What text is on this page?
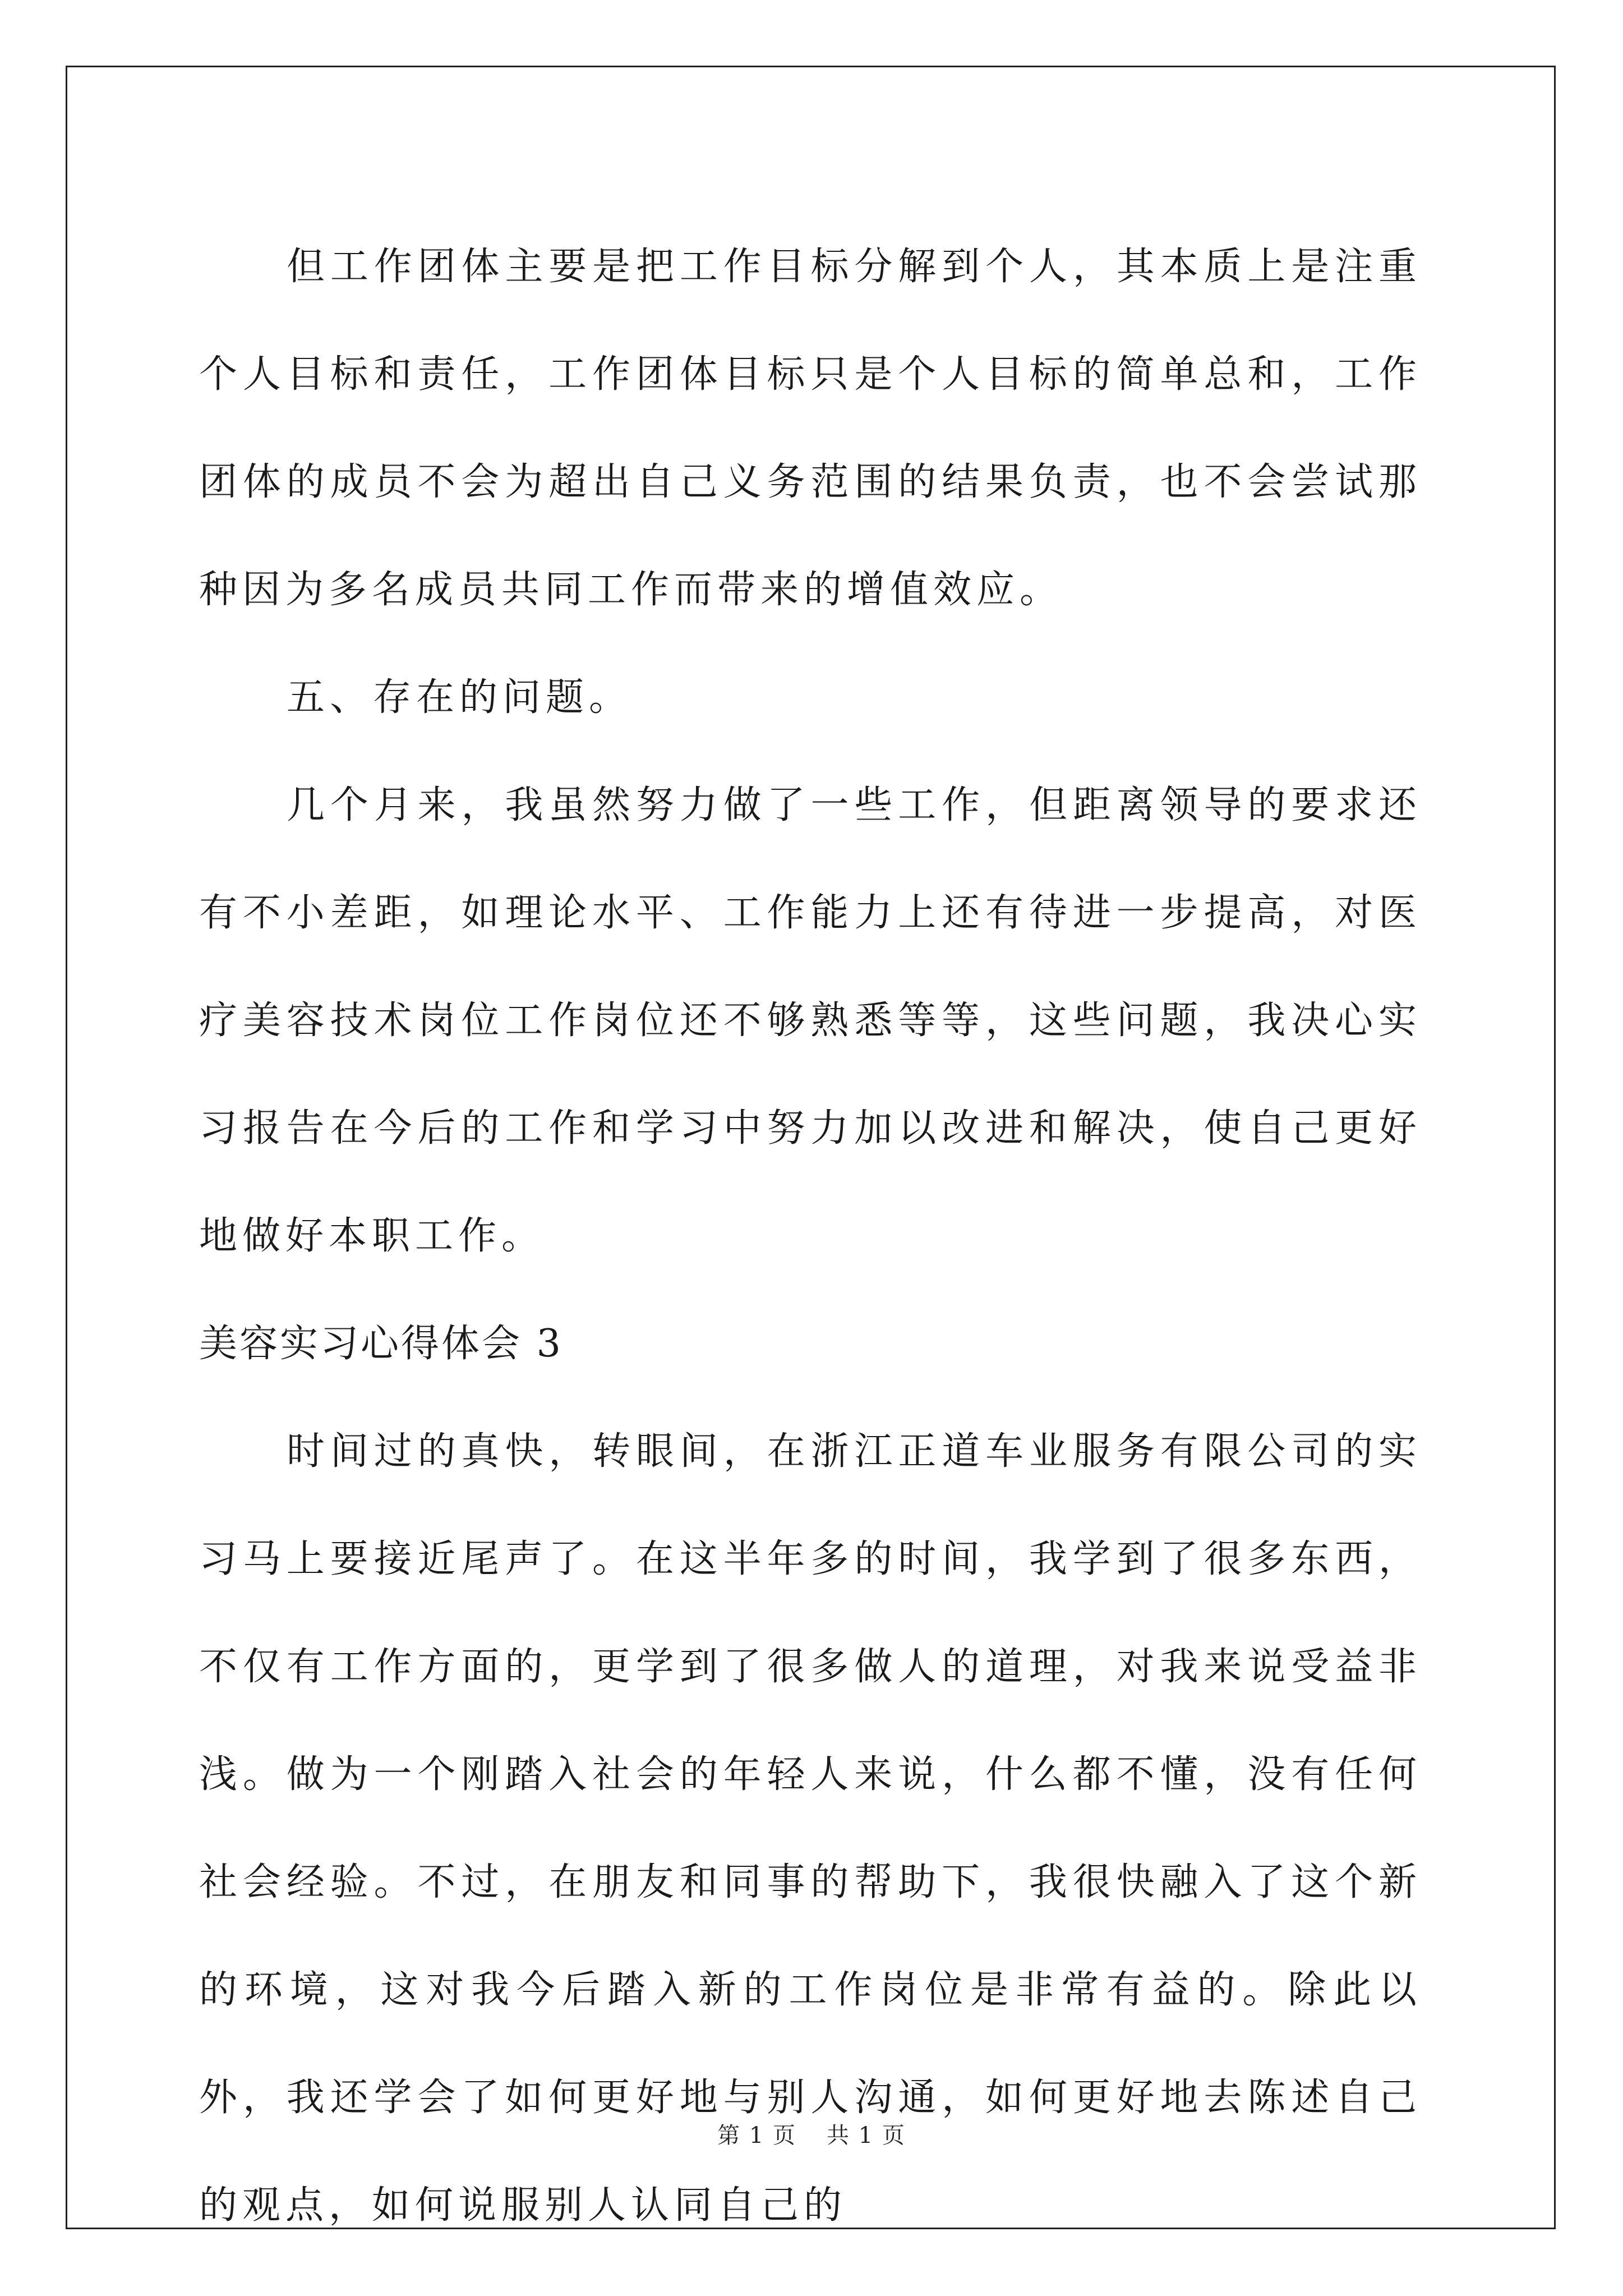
但工作团体主要是把工作目标分解到个人，其本质上是注重个人目标和责任，工作团体目标只是个人目标的简单总和，工作团体的成员不会为超出自己义务范围的结果负责，也不会尝试那种因为多名成员共同工作而带来的增值效应。

五、存在的问题。

几个月来，我虽然努力做了一些工作，但距离领导的要求还有不小差距，如理论水平、工作能力上还有待进一步提高，对医疗美容技术岗位工作岗位还不够熟悉等等，这些问题，我决心实习报告在今后的工作和学习中努力加以改进和解决，使自己更好地做好本职工作。

美容实习心得体会 3

时间过的真快，转眼间，在浙江正道车业服务有限公司的实习马上要接近尾声了。在这半年多的时间，我学到了很多东西，不仅有工作方面的，更学到了很多做人的道理，对我来说受益非浅。做为一个刚踏入社会的年轻人来说，什么都不懂，没有任何社会经验。不过，在朋友和同事的帮助下，我很快融入了这个新的环境，这对我今后踏入新的工作岗位是非常有益的。除此以外，我还学会了如何更好地与别人沟通，如何更好地去陈述自己的观点，如何说服别人认同自己的

第 1 页 共 1 页
